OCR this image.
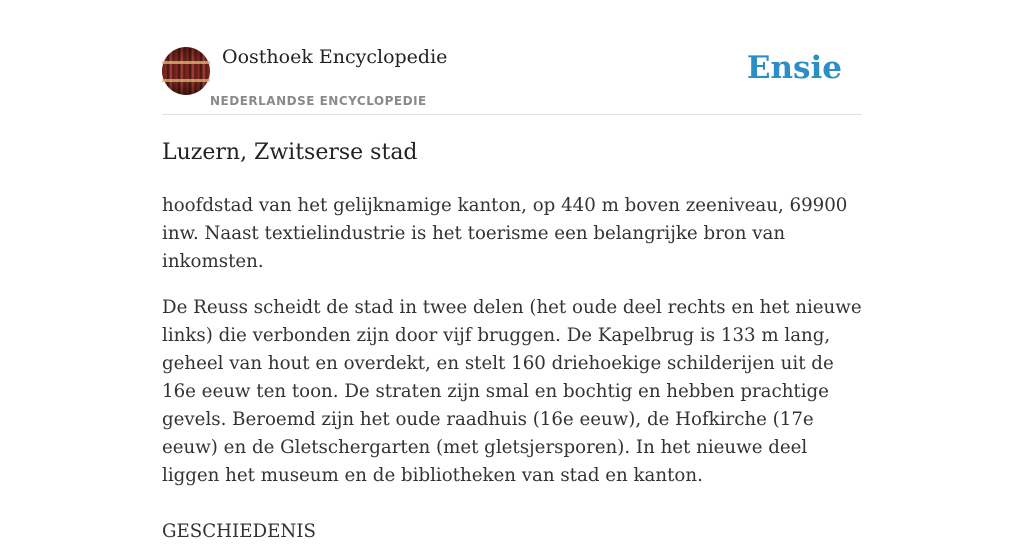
Oosthoek Encyclopedie
NEDERLANDSE ENCYCLOPEDIE
Ensie
Luzern, Zwitserse stad

hoofdstad van het gelijknamige kanton, op 440 m boven zeeniveau, 69900 inw. Naast textielindustrie is het toerisme een belangrijke bron van inkomsten.

De Reuss scheidt de stad in twee delen (het oude deel rechts en het nieuwe links) die verbonden zijn door vijf bruggen. De Kapelbrug is 133 m lang, geheel van hout en overdekt, en stelt 160 driehoekige schilderijen uit de 16e eeuw ten toon. De straten zijn smal en bochtig en hebben prachtige gevels. Beroemd zijn het oude raadhuis (16e eeuw), de Hofkirche (17e eeuw) en de Gletschergarten (met gletsjersporen). In het nieuwe deel liggen het museum en de bibliotheken van stad en kanton.

GESCHIEDENIS
